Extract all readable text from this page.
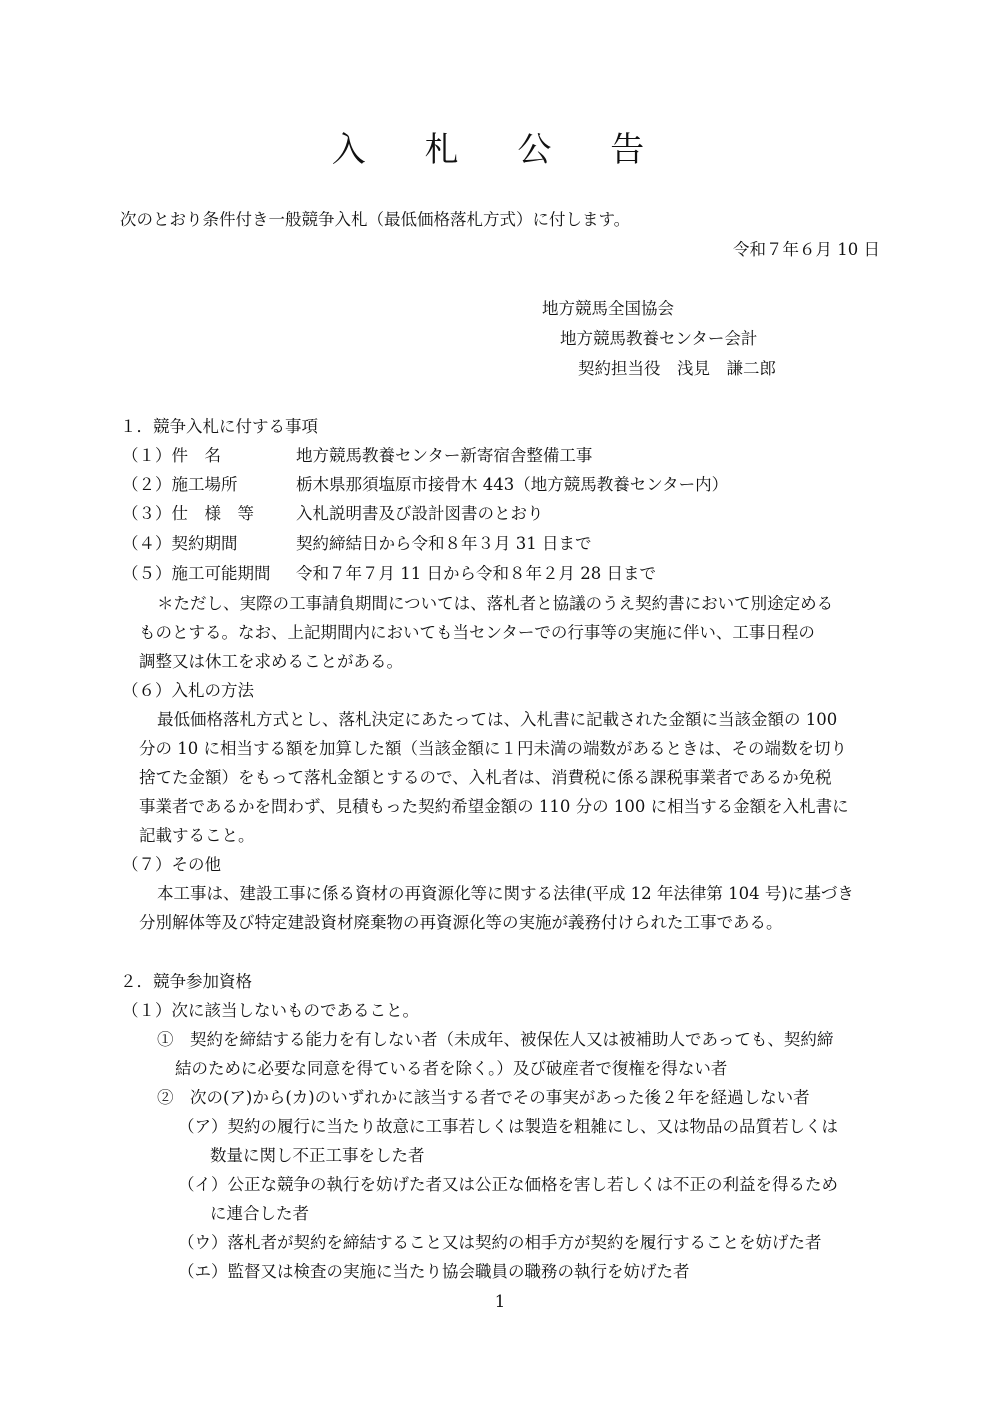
入 札 公 告
次のとおり条件付き一般競争入札（最低価格落札方式）に付します。
令和７年６月 10 日
地方競馬全国協会
地方競馬教養センター会計
契約担当役　浅見　謙二郎
１．競争入札に付する事項
（１）件　名	地方競馬教養センター新寄宿舎整備工事
（２）施工場所	栃木県那須塩原市接骨木 443（地方競馬教養センター内）
（３）仕　様　等	入札説明書及び設計図書のとおり
（４）契約期間	契約締結日から令和８年３月 31 日まで
（５）施工可能期間 令和７年７月 11 日から令和８年２月 28 日まで
＊ただし、実際の工事請負期間については、落札者と協議のうえ契約書において別途定める
ものとする。なお、上記期間内においても当センターでの行事等の実施に伴い、工事日程の
調整又は休工を求めることがある。
（６）入札の方法
最低価格落札方式とし、落札決定にあたっては、入札書に記載された金額に当該金額の 100
分の 10 に相当する額を加算した額（当該金額に１円未満の端数があるときは、その端数を切り
捨てた金額）をもって落札金額とするので、入札者は、消費税に係る課税事業者であるか免税
事業者であるかを問わず、見積もった契約希望金額の 110 分の 100 に相当する金額を入札書に
記載すること。
（７）その他
本工事は、建設工事に係る資材の再資源化等に関する法律(平成 12 年法律第 104 号)に基づき
分別解体等及び特定建設資材廃棄物の再資源化等の実施が義務付けられた工事である。
２．競争参加資格
（１）次に該当しないものであること。
①　契約を締結する能力を有しない者（未成年、被保佐人又は被補助人であっても、契約締
結のために必要な同意を得ている者を除く。）及び破産者で復権を得ない者
②　次の(ア)から(カ)のいずれかに該当する者でその事実があった後２年を経過しない者
（ア）契約の履行に当たり故意に工事若しくは製造を粗雑にし、又は物品の品質若しくは
数量に関し不正工事をした者
（イ）公正な競争の執行を妨げた者又は公正な価格を害し若しくは不正の利益を得るため
に連合した者
（ウ）落札者が契約を締結すること又は契約の相手方が契約を履行することを妨げた者
（エ）監督又は検査の実施に当たり協会職員の職務の執行を妨げた者
1
